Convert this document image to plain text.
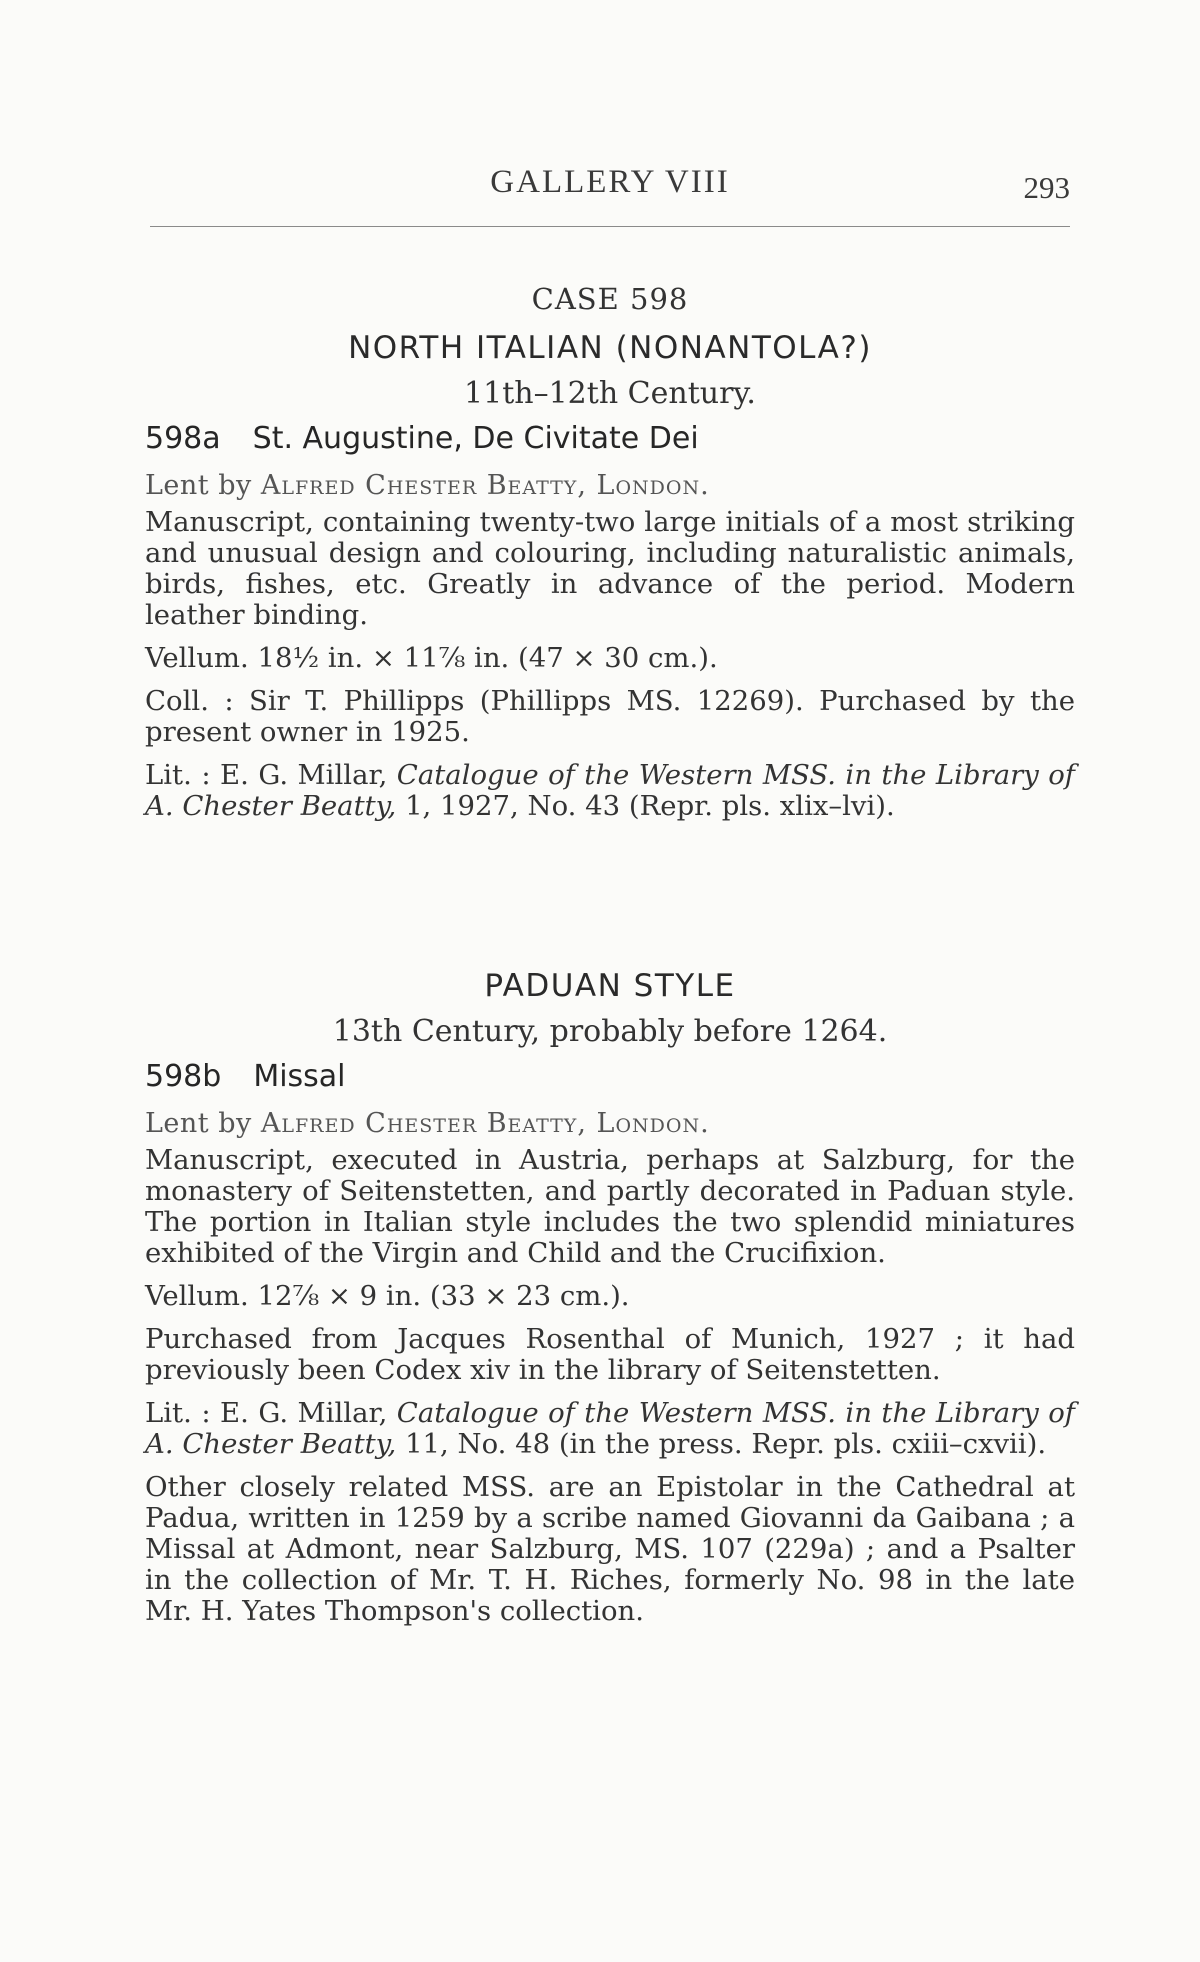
GALLERY VIII	293
CASE 598
NORTH ITALIAN (NONANTOLA?)
11th–12th Century.
598a St. Augustine, De Civitate Dei
Lent by Alfred Chester Beatty, London.
Manuscript, containing twenty-two large initials of a most striking and unusual design and colouring, including naturalistic animals, birds, fishes, etc. Greatly in advance of the period. Modern leather binding.
Vellum. 18½ in. × 11⅞ in. (47 × 30 cm.).
Coll. : Sir T. Phillipps (Phillipps MS. 12269). Purchased by the present owner in 1925.
Lit. : E. G. Millar, Catalogue of the Western MSS. in the Library of A. Chester Beatty, 1, 1927, No. 43 (Repr. pls. xlix–lvi).
PADUAN STYLE
13th Century, probably before 1264.
598b Missal
Lent by Alfred Chester Beatty, London.
Manuscript, executed in Austria, perhaps at Salzburg, for the monastery of Seitenstetten, and partly decorated in Paduan style. The portion in Italian style includes the two splendid miniatures exhibited of the Virgin and Child and the Crucifixion.
Vellum. 12⅞ × 9 in. (33 × 23 cm.).
Purchased from Jacques Rosenthal of Munich, 1927 ; it had previously been Codex xiv in the library of Seitenstetten.
Lit. : E. G. Millar, Catalogue of the Western MSS. in the Library of A. Chester Beatty, 11, No. 48 (in the press. Repr. pls. cxiii–cxvii).
Other closely related MSS. are an Epistolar in the Cathedral at Padua, written in 1259 by a scribe named Giovanni da Gaibana ; a Missal at Admont, near Salzburg, MS. 107 (229a) ; and a Psalter in the collection of Mr. T. H. Riches, formerly No. 98 in the late Mr. H. Yates Thompson's collection.
